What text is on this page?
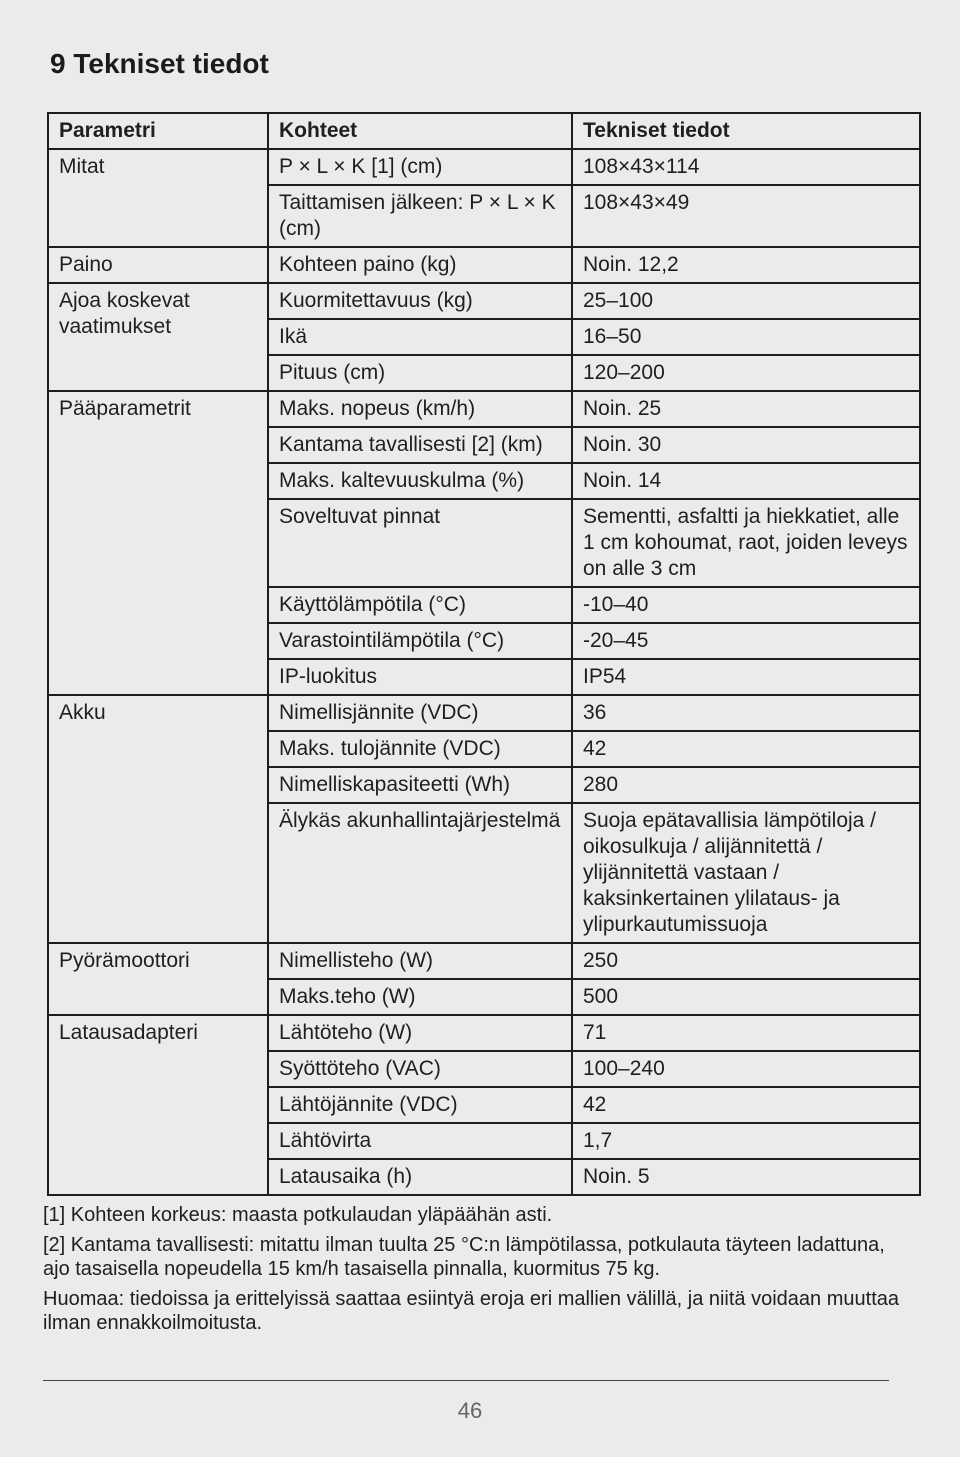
9 Tekniset tiedot
Parametri	Kohteet	Tekniset tiedot
Mitat	P × L × K [1] (cm)	108×43×114
	Taittamisen jälkeen: P × L × K (cm)	108×43×49
Paino	Kohteen paino (kg)	Noin. 12,2
Ajoa koskevat vaatimukset	Kuormitettavuus (kg)	25–100
	Ikä	16–50
	Pituus (cm)	120–200
Pääparametrit	Maks. nopeus (km/h)	Noin. 25
	Kantama tavallisesti [2] (km)	Noin. 30
	Maks. kaltevuuskulma (%)	Noin. 14
	Soveltuvat pinnat	Sementti, asfaltti ja hiekkatiet, alle 1 cm kohoumat, raot, joiden leveys on alle 3 cm
	Käyttölämpötila (°C)	-10–40
	Varastointilämpötila (°C)	-20–45
	IP-luokitus	IP54
Akku	Nimellisjännite (VDC)	36
	Maks. tulojännite (VDC)	42
	Nimelliskapasiteetti (Wh)	280
	Älykäs akunhallintajärjestelmä	Suoja epätavallisia lämpötiloja / oikosulkuja / alijännitettä / ylijännitettä vastaan / kaksinkertainen ylilataus- ja ylipurkautumissuoja
Pyörämoottori	Nimellisteho (W)	250
	Maks.teho (W)	500
Latausadapteri	Lähtöteho (W)	71
	Syöttöteho (VAC)	100–240
	Lähtöjännite (VDC)	42
	Lähtövirta	1,7
	Latausaika (h)	Noin. 5

[1] Kohteen korkeus: maasta potkulaudan yläpäähän asti.

[2] Kantama tavallisesti: mitattu ilman tuulta 25 °C:n lämpötilassa, potkulauta täyteen ladattuna, ajo tasaisella nopeudella 15 km/h tasaisella pinnalla, kuormitus 75 kg.

Huomaa: tiedoissa ja erittelyissä saattaa esiintyä eroja eri mallien välillä, ja niitä voidaan muuttaa ilman ennakkoilmoitusta.

46
